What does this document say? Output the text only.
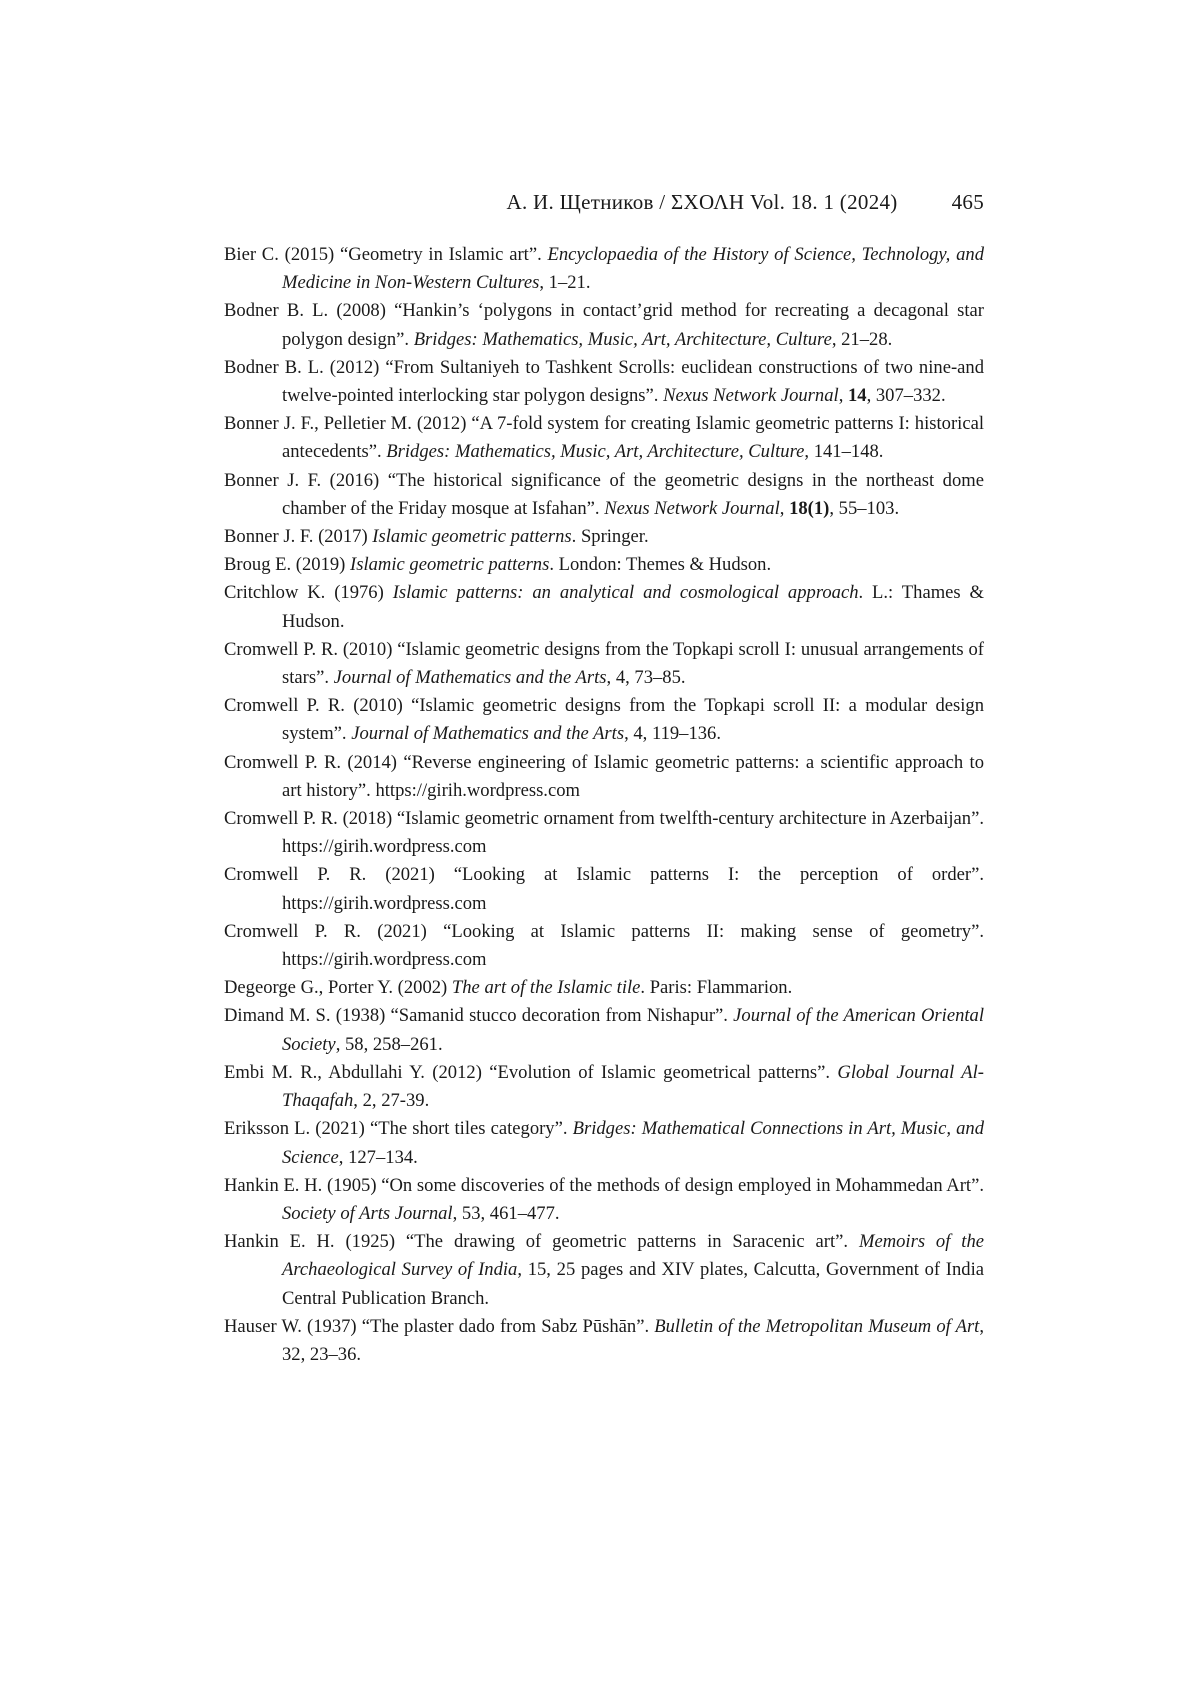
А. И. Щетников / ΣΧΟΛΗ Vol. 18. 1 (2024)	465
Bier C. (2015) “Geometry in Islamic art”. Encyclopaedia of the History of Science, Technology, and Medicine in Non-Western Cultures, 1–21.
Bodner B. L. (2008) “Hankin’s ‘polygons in contact’grid method for recreating a decagonal star polygon design”. Bridges: Mathematics, Music, Art, Architecture, Culture, 21–28.
Bodner B. L. (2012) “From Sultaniyeh to Tashkent Scrolls: euclidean constructions of two nine-and twelve-pointed interlocking star polygon designs”. Nexus Network Journal, 14, 307–332.
Bonner J. F., Pelletier M. (2012) “A 7-fold system for creating Islamic geometric patterns I: historical antecedents”. Bridges: Mathematics, Music, Art, Architecture, Culture, 141–148.
Bonner J. F. (2016) “The historical significance of the geometric designs in the northeast dome chamber of the Friday mosque at Isfahan”. Nexus Network Journal, 18(1), 55–103.
Bonner J. F. (2017) Islamic geometric patterns. Springer.
Broug E. (2019) Islamic geometric patterns. London: Themes & Hudson.
Critchlow K. (1976) Islamic patterns: an analytical and cosmological approach. L.: Thames & Hudson.
Cromwell P. R. (2010) “Islamic geometric designs from the Topkapi scroll I: unusual arrangements of stars”. Journal of Mathematics and the Arts, 4, 73–85.
Cromwell P. R. (2010) “Islamic geometric designs from the Topkapi scroll II: a modular design system”. Journal of Mathematics and the Arts, 4, 119–136.
Cromwell P. R. (2014) “Reverse engineering of Islamic geometric patterns: a scientific approach to art history”. https://girih.wordpress.com
Cromwell P. R. (2018) “Islamic geometric ornament from twelfth-century architecture in Azerbaijan”. https://girih.wordpress.com
Cromwell P. R. (2021) “Looking at Islamic patterns I: the perception of order”. https://girih.wordpress.com
Cromwell P. R. (2021) “Looking at Islamic patterns II: making sense of geometry”. https://girih.wordpress.com
Degeorge G., Porter Y. (2002) The art of the Islamic tile. Paris: Flammarion.
Dimand M. S. (1938) “Samanid stucco decoration from Nishapur”. Journal of the American Oriental Society, 58, 258–261.
Embi M. R., Abdullahi Y. (2012) “Evolution of Islamic geometrical patterns”. Global Journal Al-Thaqafah, 2, 27-39.
Eriksson L. (2021) “The short tiles category”. Bridges: Mathematical Connections in Art, Music, and Science, 127–134.
Hankin E. H. (1905) “On some discoveries of the methods of design employed in Mohammedan Art”. Society of Arts Journal, 53, 461–477.
Hankin E. H. (1925) “The drawing of geometric patterns in Saracenic art”. Memoirs of the Archaeological Survey of India, 15, 25 pages and XIV plates, Calcutta, Government of India Central Publication Branch.
Hauser W. (1937) “The plaster dado from Sabz Pūshān”. Bulletin of the Metropolitan Museum of Art, 32, 23–36.
